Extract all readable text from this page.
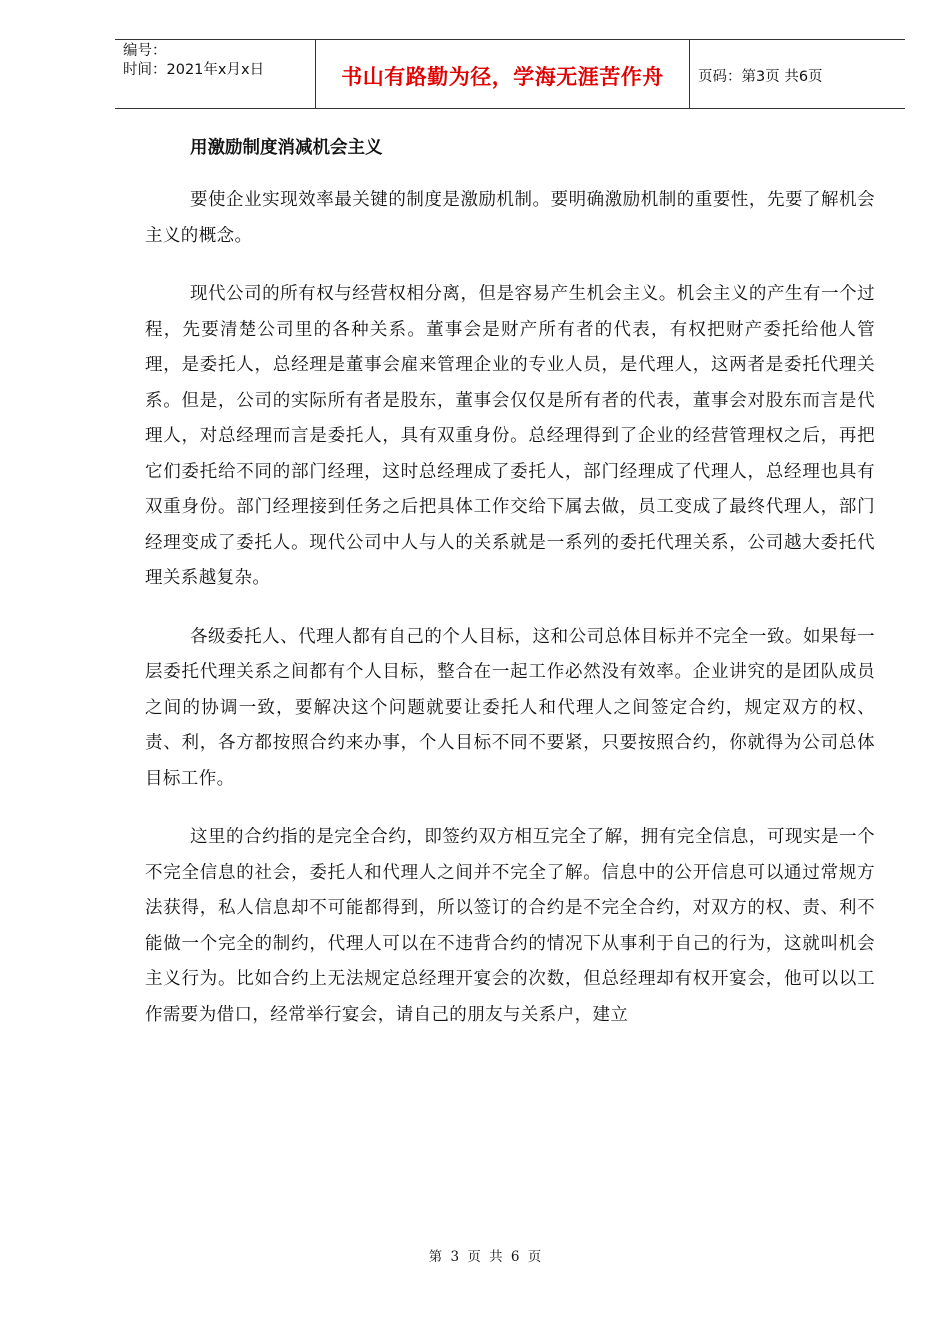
编号：
时间：2021年x月x日	书山有路勤为径，学海无涯苦作舟	页码：第3页 共6页

用激励制度消减机会主义

要使企业实现效率最关键的制度是激励机制。要明确激励机制的重要性，先要了解机会主义的概念。

现代公司的所有权与经营权相分离，但是容易产生机会主义。机会主义的产生有一个过程，先要清楚公司里的各种关系。董事会是财产所有者的代表，有权把财产委托给他人管理，是委托人，总经理是董事会雇来管理企业的专业人员，是代理人，这两者是委托代理关系。但是，公司的实际所有者是股东，董事会仅仅是所有者的代表，董事会对股东而言是代理人，对总经理而言是委托人，具有双重身份。总经理得到了企业的经营管理权之后，再把它们委托给不同的部门经理，这时总经理成了委托人，部门经理成了代理人，总经理也具有双重身份。部门经理接到任务之后把具体工作交给下属去做，员工变成了最终代理人，部门经理变成了委托人。现代公司中人与人的关系就是一系列的委托代理关系，公司越大委托代理关系越复杂。

各级委托人、代理人都有自己的个人目标，这和公司总体目标并不完全一致。如果每一层委托代理关系之间都有个人目标，整合在一起工作必然没有效率。企业讲究的是团队成员之间的协调一致，要解决这个问题就要让委托人和代理人之间签定合约，规定双方的权、责、利，各方都按照合约来办事，个人目标不同不要紧，只要按照合约，你就得为公司总体目标工作。

这里的合约指的是完全合约，即签约双方相互完全了解，拥有完全信息，可现实是一个不完全信息的社会，委托人和代理人之间并不完全了解。信息中的公开信息可以通过常规方法获得，私人信息却不可能都得到，所以签订的合约是不完全合约，对双方的权、责、利不能做一个完全的制约，代理人可以在不违背合约的情况下从事利于自己的行为，这就叫机会主义行为。比如合约上无法规定总经理开宴会的次数，但总经理却有权开宴会，他可以以工作需要为借口，经常举行宴会，请自己的朋友与关系户，建立

第 3 页 共 6 页
